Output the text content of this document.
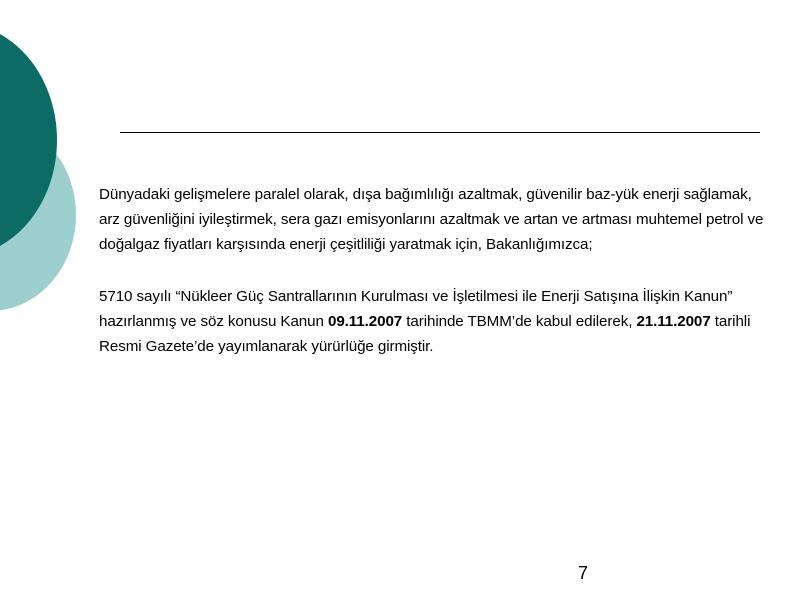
Dünyadaki gelişmelere paralel olarak, dışa bağımlılığı azaltmak, güvenilir baz-yük enerji sağlamak, arz güvenliğini iyileştirmek, sera gazı emisyonlarını azaltmak ve artan ve artması muhtemel petrol ve doğalgaz fiyatları karşısında enerji çeşitliliği yaratmak için, Bakanlığımızca;

5710 sayılı “Nükleer Güç Santrallarının Kurulması ve İşletilmesi ile Enerji Satışına İlişkin Kanun” hazırlanmış ve söz konusu Kanun 09.11.2007 tarihinde TBMM’de kabul edilerek, 21.11.2007 tarihli Resmi Gazete’de yayımlanarak yürürlüğe girmiştir.

7
